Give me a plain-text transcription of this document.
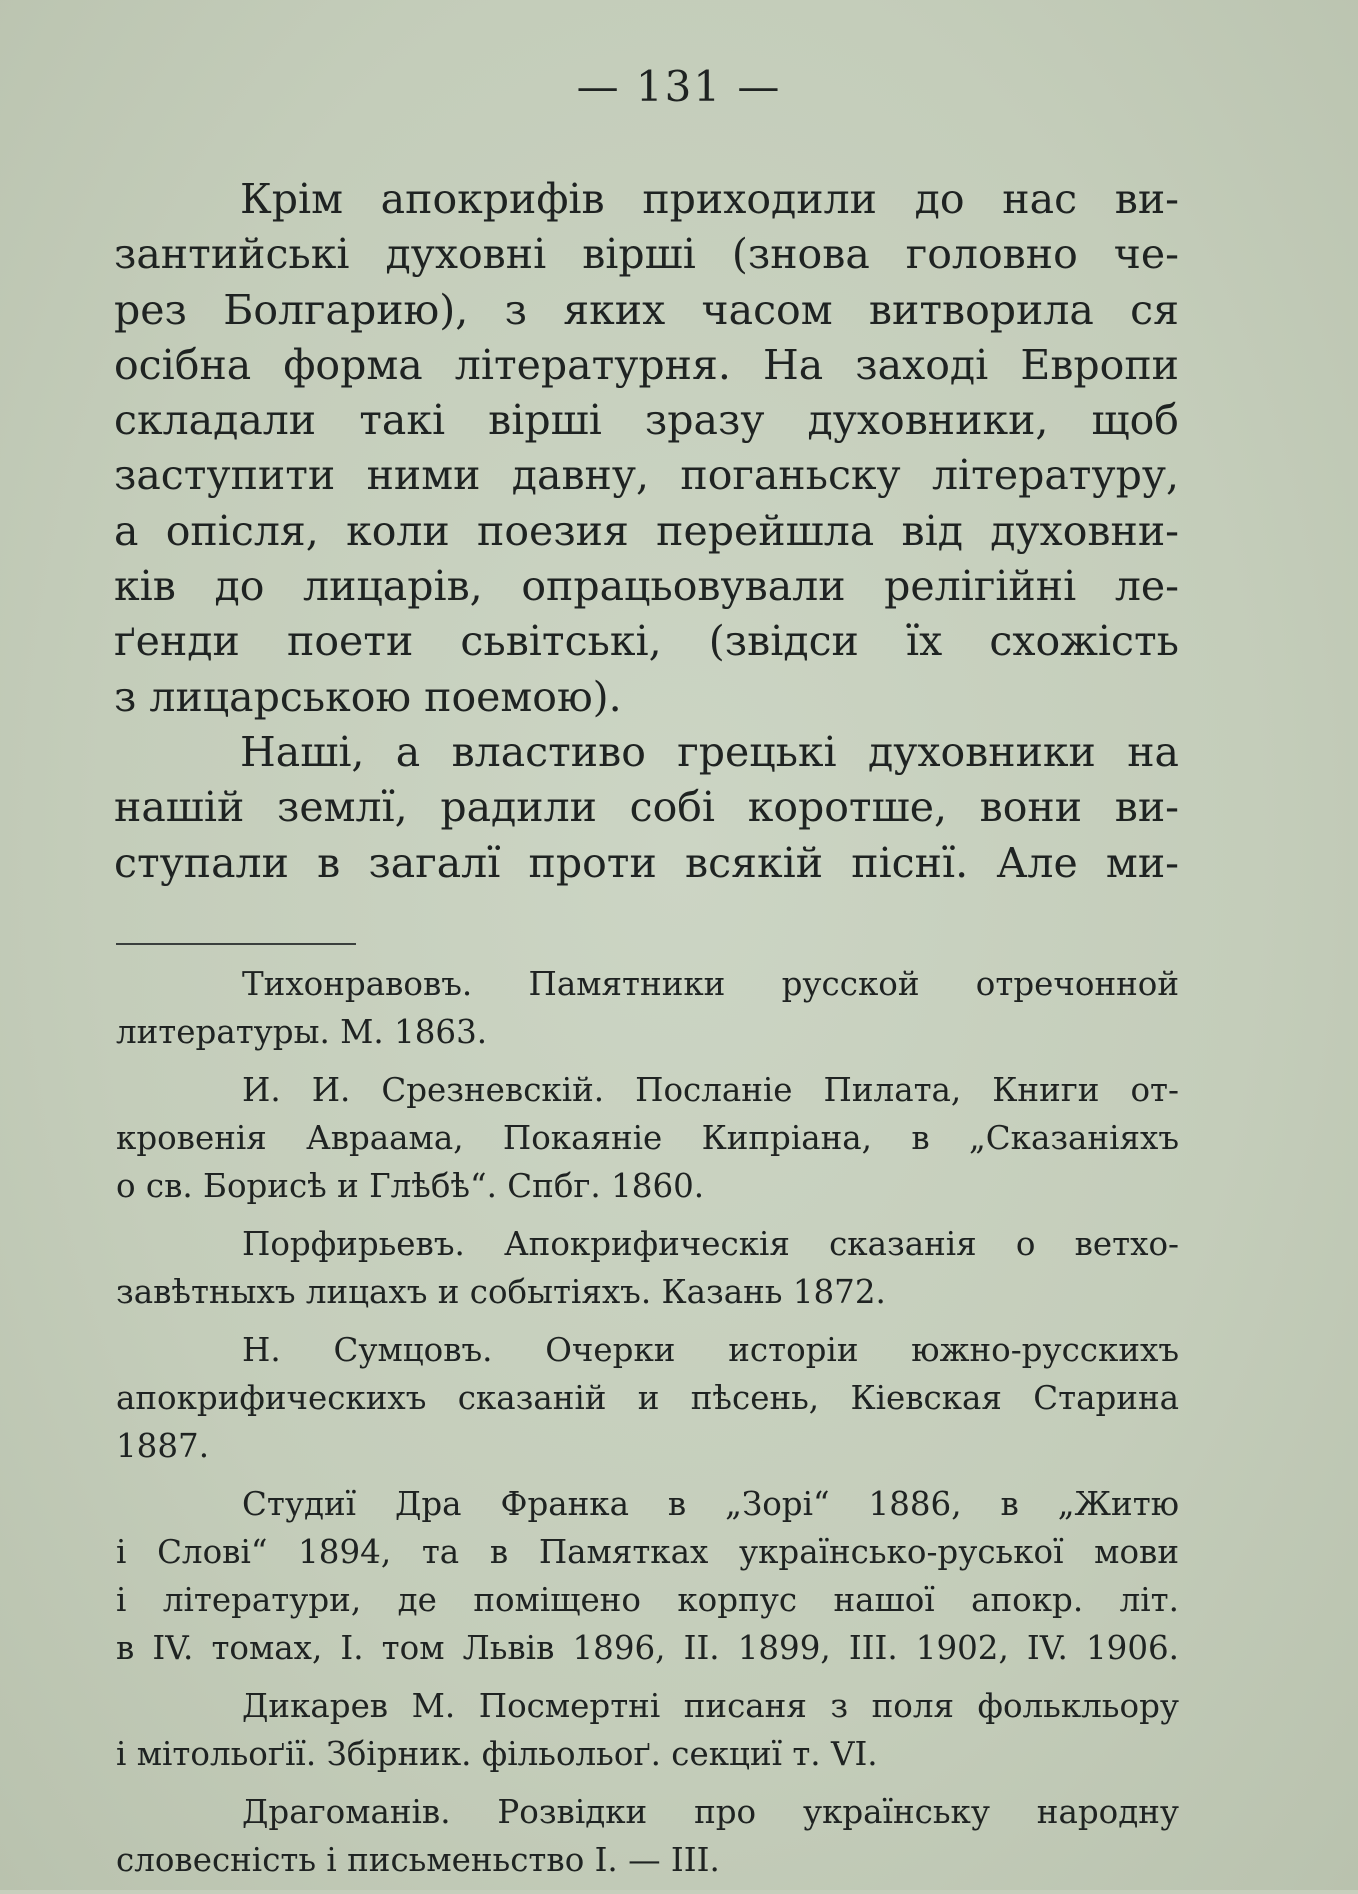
— 131 —
Крім апокрифів приходили до нас ви-
зантийські духовні вірші (знова головно че-
рез Болгарию), з яких часом витворила ся
осібна форма літературня. На заході Европи
складали такі вірші зразу духовники, щоб
заступити ними давну, поганьску літературу,
а опісля, коли поезия перейшла від духовни-
ків до лицарів, опрацьовували релігійні ле-
ґенди поети сьвітські, (звідси їх схожість
з лицарською поемою).
Наші, а властиво грецькі духовники на
нашій землї, радили собі коротше, вони ви-
ступали в загалї проти всякій піснї. Але ми-
Тихонравовъ. Памятники русской отречонной
литературы. М. 1863.
И. И. Срезневскій. Посланіе Пилата, Книги от-
кровенія Авраама, Покаяніе Кипріана, в „Сказаніяхъ
о св. Борисѣ и Глѣбѣ“. Спбг. 1860.
Порфирьевъ. Апокрифическія сказанія о ветхо-
завѣтныхъ лицахъ и событіяхъ. Казань 1872.
Н. Сумцовъ. Очерки исторіи южно-русскихъ
апокрифическихъ сказаній и пѣсень, Кіевская Старина
1887.
Студиї Дра Франка в „Зорі“ 1886, в „Житю
і Слові“ 1894, та в Памятках українсько-руської мови
і літератури, де поміщено корпус нашої апокр. літ.
в IV. томах, I. том Львів 1896, II. 1899, III. 1902, IV. 1906.
Дикарев М. Посмертні писаня з поля фолькльору
і мітольоґії. Збірник. фільольоґ. секциї т. VI.
Драгоманів. Розвідки про українську народну
словесність і письменьство I. — III.
